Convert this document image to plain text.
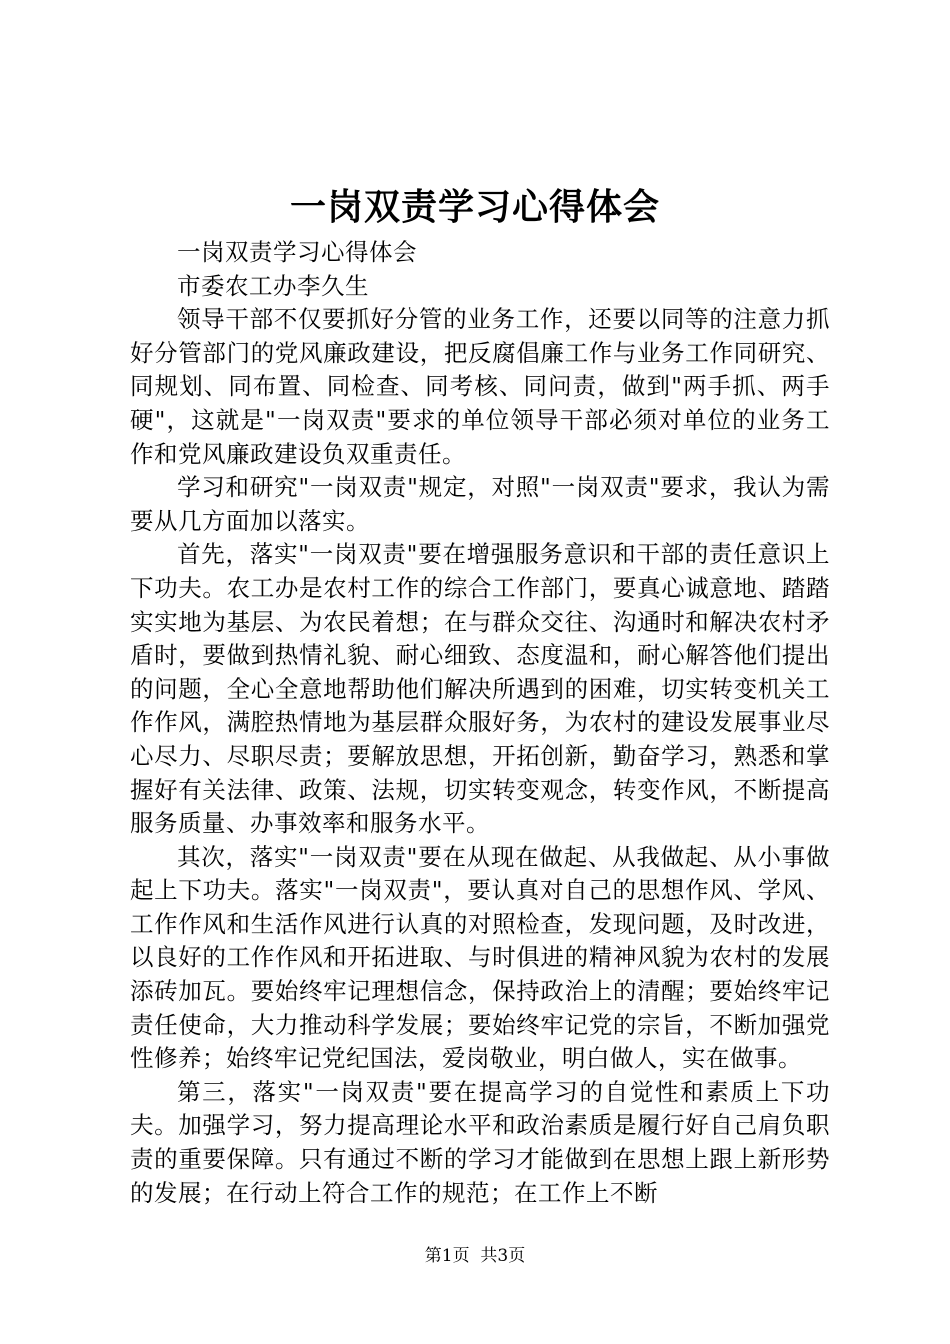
一岗双责学习心得体会

一岗双责学习心得体会

市委农工办李久生

领导干部不仅要抓好分管的业务工作，还要以同等的注意力抓好分管部门的党风廉政建设，把反腐倡廉工作与业务工作同研究、同规划、同布置、同检查、同考核、同问责，做到"两手抓、两手硬"，这就是"一岗双责"要求的单位领导干部必须对单位的业务工作和党风廉政建设负双重责任。

学习和研究"一岗双责"规定，对照"一岗双责"要求，我认为需要从几方面加以落实。

首先，落实"一岗双责"要在增强服务意识和干部的责任意识上下功夫。农工办是农村工作的综合工作部门，要真心诚意地、踏踏实实地为基层、为农民着想；在与群众交往、沟通时和解决农村矛盾时，要做到热情礼貌、耐心细致、态度温和，耐心解答他们提出的问题，全心全意地帮助他们解决所遇到的困难，切实转变机关工作作风，满腔热情地为基层群众服好务，为农村的建设发展事业尽心尽力、尽职尽责；要解放思想，开拓创新，勤奋学习，熟悉和掌握好有关法律、政策、法规，切实转变观念，转变作风，不断提高服务质量、办事效率和服务水平。

其次，落实"一岗双责"要在从现在做起、从我做起、从小事做起上下功夫。落实"一岗双责"，要认真对自己的思想作风、学风、工作作风和生活作风进行认真的对照检查，发现问题，及时改进，以良好的工作作风和开拓进取、与时俱进的精神风貌为农村的发展添砖加瓦。要始终牢记理想信念，保持政治上的清醒；要始终牢记责任使命，大力推动科学发展；要始终牢记党的宗旨，不断加强党性修养；始终牢记党纪国法，爱岗敬业，明白做人，实在做事。

第三，落实"一岗双责"要在提高学习的自觉性和素质上下功夫。加强学习，努力提高理论水平和政治素质是履行好自己肩负职责的重要保障。只有通过不断的学习才能做到在思想上跟上新形势的发展；在行动上符合工作的规范；在工作上不断

第1页  共3页
